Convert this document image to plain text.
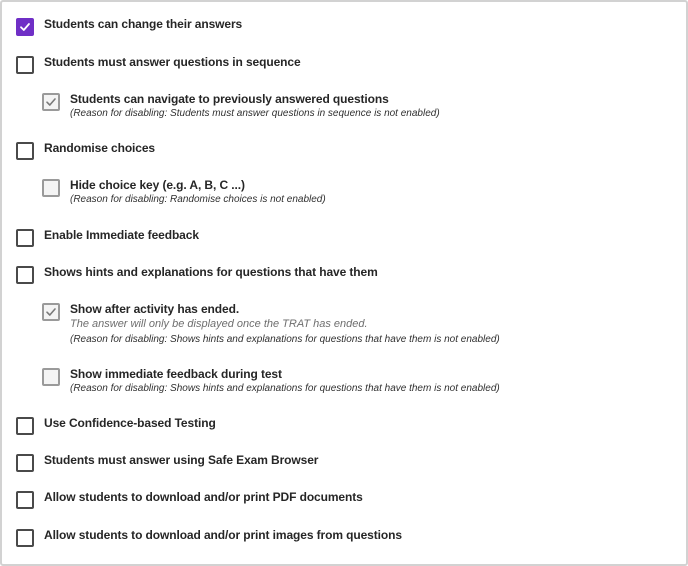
Students can change their answers
Students must answer questions in sequence
Students can navigate to previously answered questions
(Reason for disabling: Students must answer questions in sequence is not enabled)
Randomise choices
Hide choice key (e.g. A, B, C ...)
(Reason for disabling: Randomise choices is not enabled)
Enable Immediate feedback
Shows hints and explanations for questions that have them
Show after activity has ended.
The answer will only be displayed once the TRAT has ended.
(Reason for disabling: Shows hints and explanations for questions that have them is not enabled)
Show immediate feedback during test
(Reason for disabling: Shows hints and explanations for questions that have them is not enabled)
Use Confidence-based Testing
Students must answer using Safe Exam Browser
Allow students to download and/or print PDF documents
Allow students to download and/or print images from questions
